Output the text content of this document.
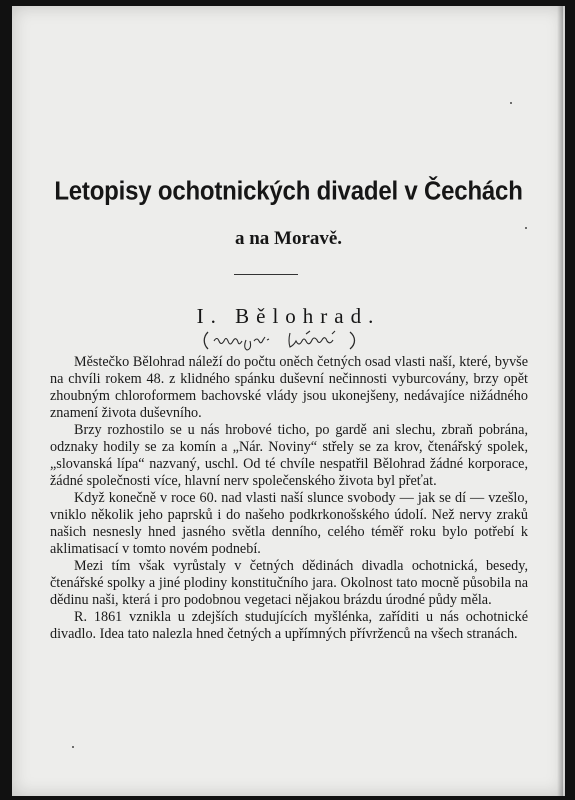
Letopisy ochotnických divadel v Čechách
a na Moravě.
I. Bělohrad.

Městečko Bělohrad náleží do počtu oněch četných osad vlasti naší, které, byvše na chvíli rokem 48. z klidného spánku duševní nečinnosti vyburcovány, brzy opět zhoubným chloroformem bachovské vlády jsou ukonejšeny, nedávajíce nižádného znamení života duševního.

Brzy rozhostilo se u nás hrobové ticho, po gardě ani slechu, zbraň pobrána, odznaky hodily se za komín a „Nár. Noviny“ střely se za krov, čtenářský spolek, „slovanská lípa“ nazvaný, uschl. Od té chvíle nespatřil Bělohrad žádné korporace, žádné společnosti více, hlavní nerv společenského života byl přeťat.

Když konečně v roce 60. nad vlasti naší slunce svobody — jak se dí — vzešlo, vniklo několik jeho paprsků i do našeho podkrkonošského údolí. Než nervy zraků našich nesnesly hned jasného světla denního, celého téměř roku bylo potřebí k aklimatisací v tomto novém podnebí.

Mezi tím však vyrůstaly v četných dědinách divadla ochotnická, besedy, čtenářské spolky a jiné plodiny konstitučního jara. Okolnost tato mocně působila na dědinu naši, která i pro podobnou vegetaci nějakou brázdu úrodné půdy měla.

R. 1861 vznikla u zdejších studujících myšlénka, zaříditi u nás ochotnické divadlo. Idea tato nalezla hned četných a upřímných přívrženců na všech stranách.
